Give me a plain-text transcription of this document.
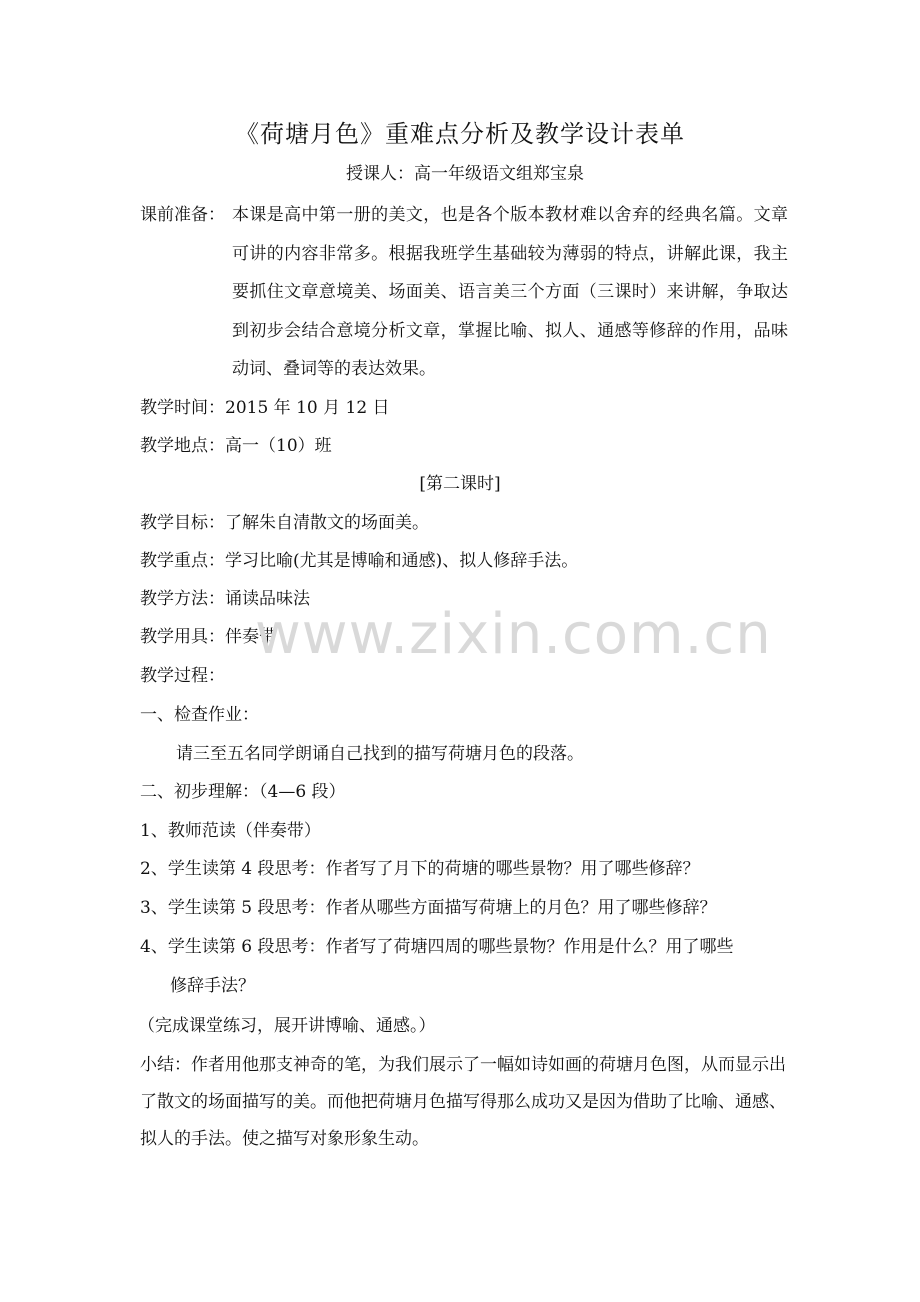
《荷塘月色》重难点分析及教学设计表单
授课人：高一年级语文组郑宝泉
课前准备： 本课是高中第一册的美文，也是各个版本教材难以舍弃的经典名篇。文章可讲的内容非常多。根据我班学生基础较为薄弱的特点，讲解此课，我主要抓住文章意境美、场面美、语言美三个方面（三课时）来讲解，争取达到初步会结合意境分析文章，掌握比喻、拟人、通感等修辞的作用，品味动词、叠词等的表达效果。
教学时间：2015 年 10 月 12 日
教学地点：高一（10）班
[第二课时]
教学目标：了解朱自清散文的场面美。
教学重点：学习比喻(尤其是博喻和通感)、拟人修辞手法。
教学方法：诵读品味法
教学用具：伴奏带
教学过程：
一、检查作业：
请三至五名同学朗诵自己找到的描写荷塘月色的段落。
二、初步理解：（4—6 段）
1、教师范读（伴奏带）
2、学生读第 4 段思考：作者写了月下的荷塘的哪些景物？用了哪些修辞？
3、学生读第 5 段思考：作者从哪些方面描写荷塘上的月色？用了哪些修辞？
4、学生读第 6 段思考：作者写了荷塘四周的哪些景物？作用是什么？用了哪些
修辞手法？
（完成课堂练习，展开讲博喻、通感。）
小结：作者用他那支神奇的笔，为我们展示了一幅如诗如画的荷塘月色图，从而显示出了散文的场面描写的美。而他把荷塘月色描写得那么成功又是因为借助了比喻、通感、拟人的手法。使之描写对象形象生动。
www.zixin.com.cn
